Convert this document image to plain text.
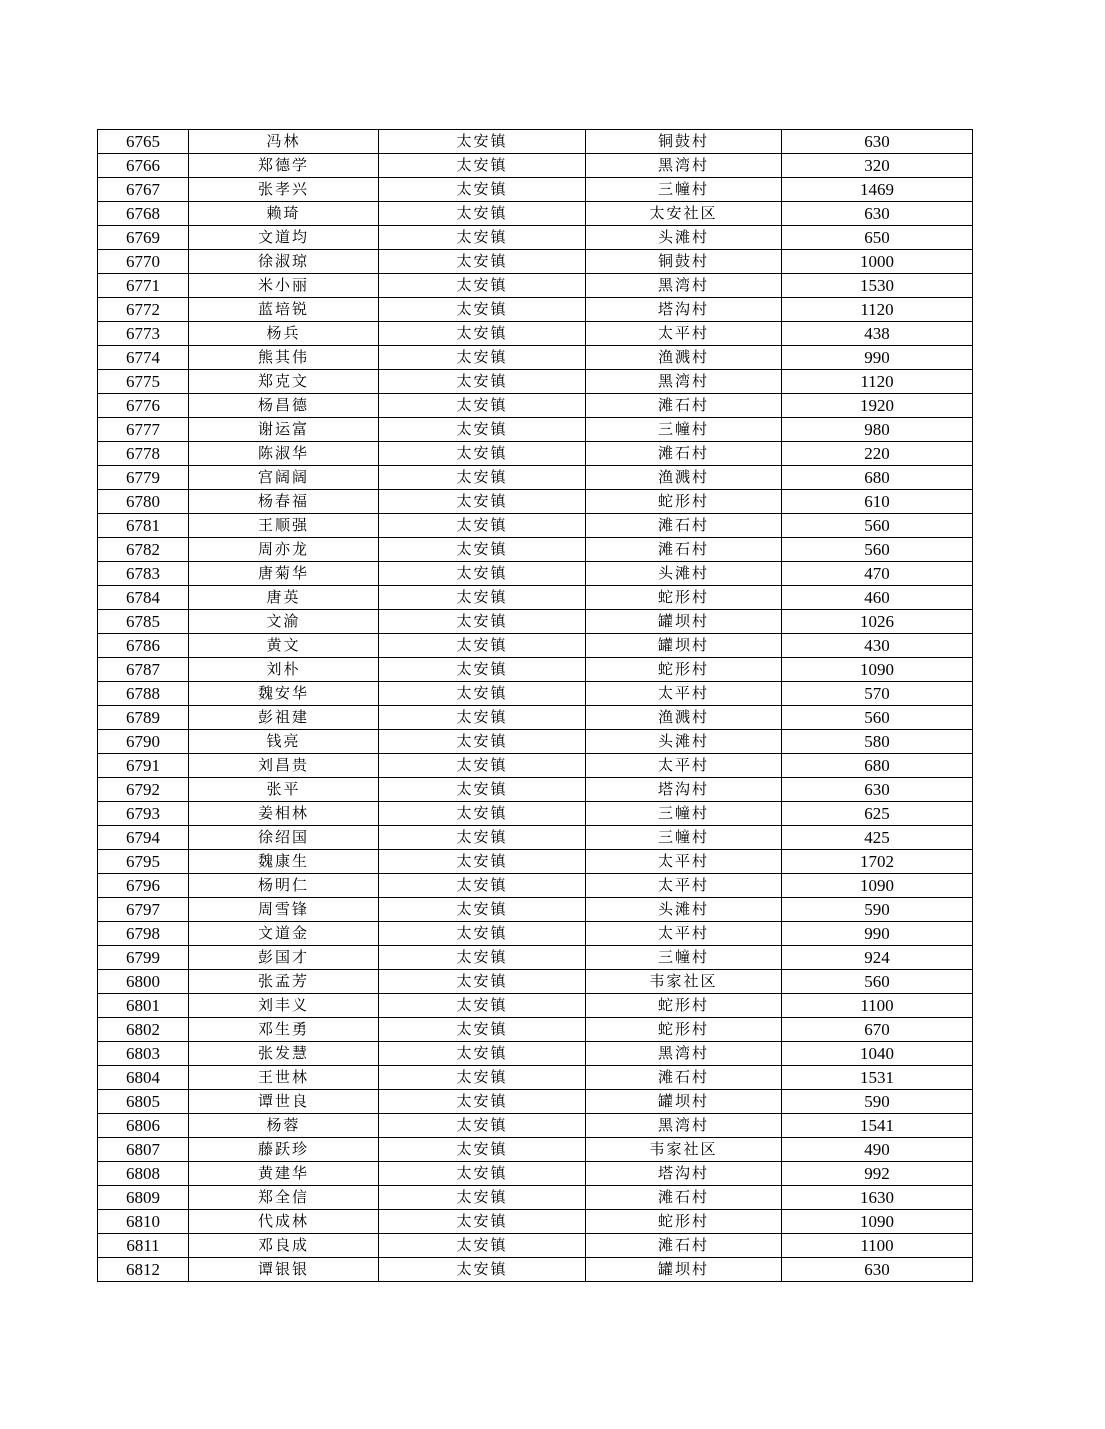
6765	冯林	太安镇	铜鼓村	630
6766	郑德学	太安镇	黑湾村	320
6767	张孝兴	太安镇	三幢村	1469
6768	赖琦	太安镇	太安社区	630
6769	文道均	太安镇	头滩村	650
6770	徐淑琼	太安镇	铜鼓村	1000
6771	米小丽	太安镇	黑湾村	1530
6772	蓝培锐	太安镇	塔沟村	1120
6773	杨兵	太安镇	太平村	438
6774	熊其伟	太安镇	渔溅村	990
6775	郑克文	太安镇	黑湾村	1120
6776	杨昌德	太安镇	滩石村	1920
6777	谢运富	太安镇	三幢村	980
6778	陈淑华	太安镇	滩石村	220
6779	宫阔阔	太安镇	渔溅村	680
6780	杨春福	太安镇	蛇形村	610
6781	王顺强	太安镇	滩石村	560
6782	周亦龙	太安镇	滩石村	560
6783	唐菊华	太安镇	头滩村	470
6784	唐英	太安镇	蛇形村	460
6785	文渝	太安镇	罐坝村	1026
6786	黄文	太安镇	罐坝村	430
6787	刘朴	太安镇	蛇形村	1090
6788	魏安华	太安镇	太平村	570
6789	彭祖建	太安镇	渔溅村	560
6790	钱亮	太安镇	头滩村	580
6791	刘昌贵	太安镇	太平村	680
6792	张平	太安镇	塔沟村	630
6793	姜相林	太安镇	三幢村	625
6794	徐绍国	太安镇	三幢村	425
6795	魏康生	太安镇	太平村	1702
6796	杨明仁	太安镇	太平村	1090
6797	周雪锋	太安镇	头滩村	590
6798	文道金	太安镇	太平村	990
6799	彭国才	太安镇	三幢村	924
6800	张孟芳	太安镇	韦家社区	560
6801	刘丰义	太安镇	蛇形村	1100
6802	邓生勇	太安镇	蛇形村	670
6803	张发慧	太安镇	黑湾村	1040
6804	王世林	太安镇	滩石村	1531
6805	谭世良	太安镇	罐坝村	590
6806	杨蓉	太安镇	黑湾村	1541
6807	藤跃珍	太安镇	韦家社区	490
6808	黄建华	太安镇	塔沟村	992
6809	郑全信	太安镇	滩石村	1630
6810	代成林	太安镇	蛇形村	1090
6811	邓良成	太安镇	滩石村	1100
6812	谭银银	太安镇	罐坝村	630
